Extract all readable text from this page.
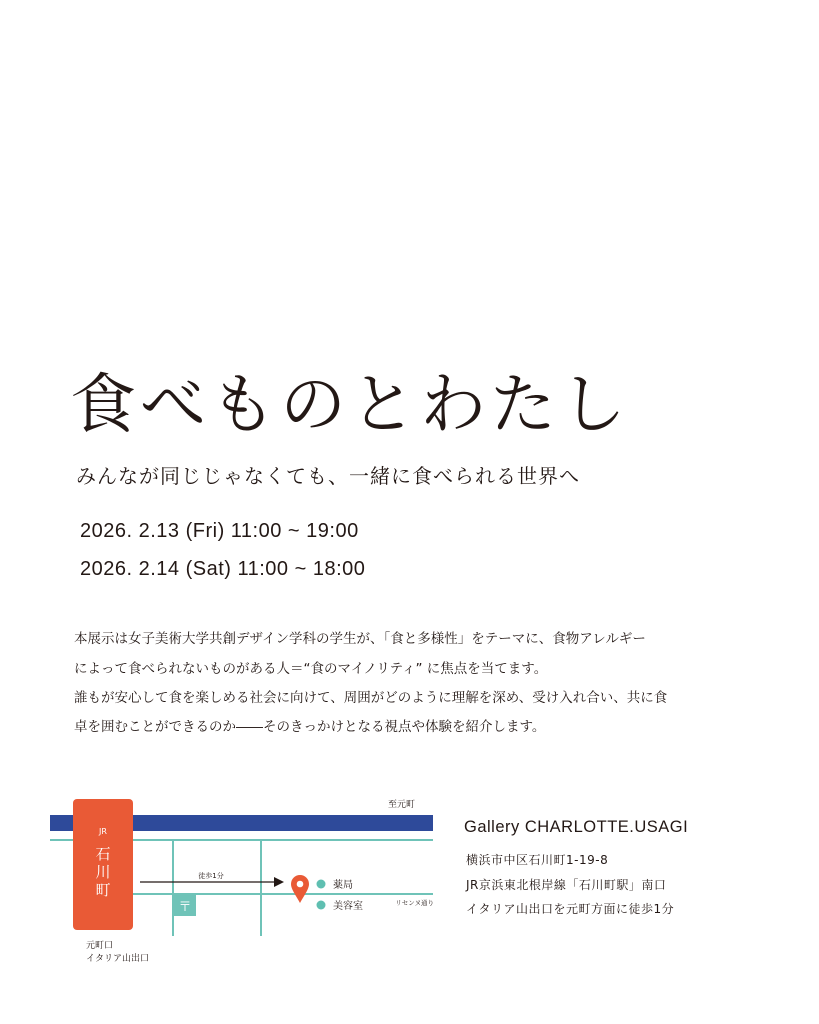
食べものとわたし
みんなが同じじゃなくても、一緒に食べられる世界へ
2026. 2.13 (Fri) 11:00 ~ 19:00
2026. 2.14 (Sat) 11:00 ~ 18:00
本展示は女子美術大学共創デザイン学科の学生が、「食と多様性」をテーマに、食物アレルギー
によって食べられないものがある人＝“食のマイノリティ” に焦点を当てます。
誰もが安心して食を楽しめる社会に向けて、周囲がどのように理解を深め、受け入れ合い、共に食
卓を囲むことができるのか――そのきっかけとなる視点や体験を紹介します。
至元町
JR
石
川
町
徒歩1分
〒
薬局
美容室	リセンヌ通り
元町口
イタリア山出口
Gallery CHARLOTTE.USAGI
横浜市中区石川町1-19-8
JR京浜東北根岸線「石川町駅」南口
イタリア山出口を元町方面に徒歩1分
